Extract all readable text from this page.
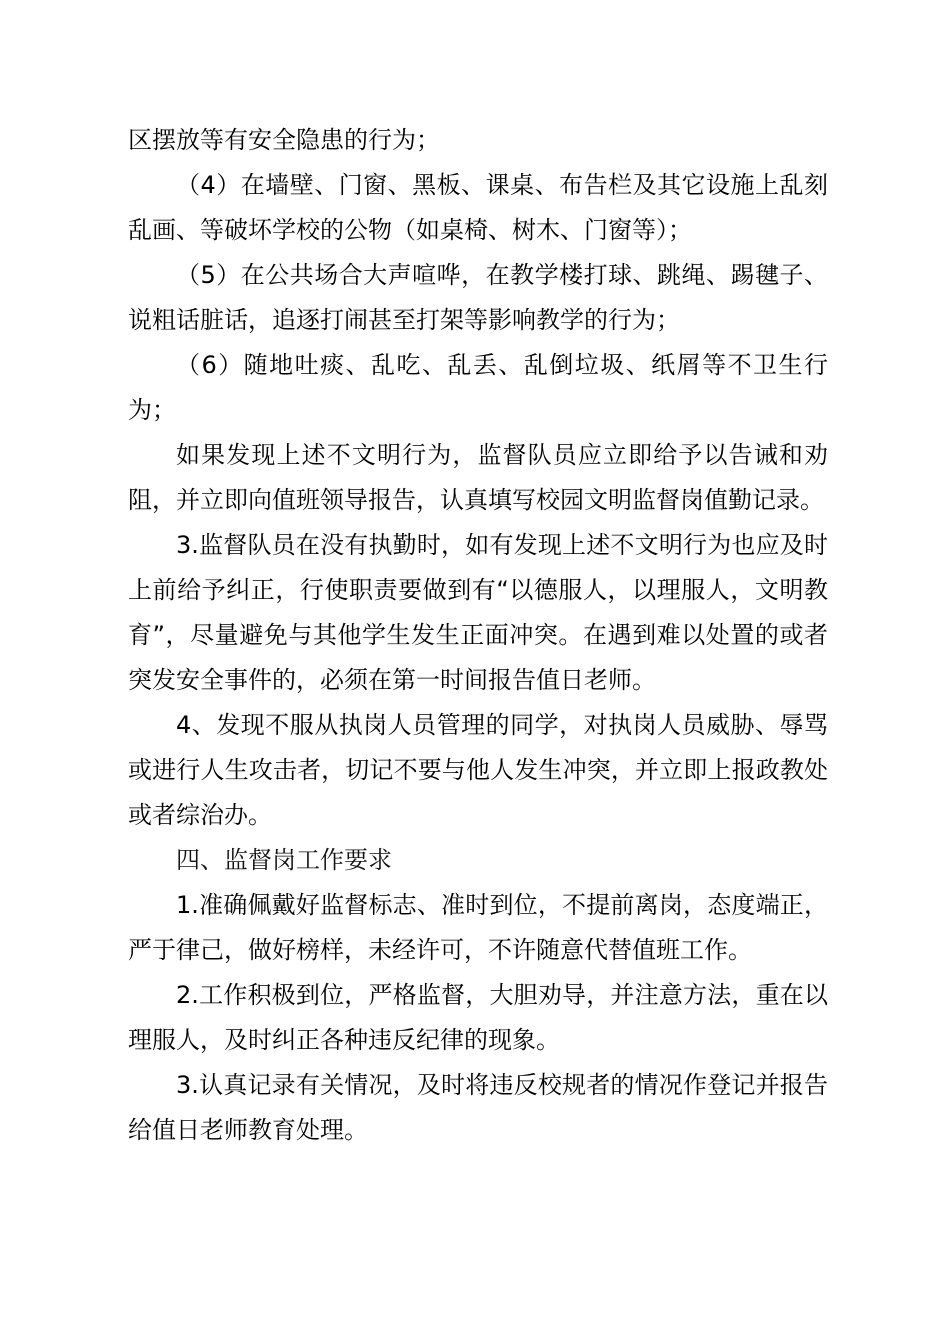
区摆放等有安全隐患的行为；

（4）在墙壁、门窗、黑板、课桌、布告栏及其它设施上乱刻乱画、等破坏学校的公物（如桌椅、树木、门窗等）；

（5）在公共场合大声喧哗，在教学楼打球、跳绳、踢毽子、说粗话脏话，追逐打闹甚至打架等影响教学的行为；

（6）随地吐痰、乱吃、乱丢、乱倒垃圾、纸屑等不卫生行为；

如果发现上述不文明行为，监督队员应立即给予以告诫和劝阻，并立即向值班领导报告，认真填写校园文明监督岗值勤记录。

3.监督队员在没有执勤时，如有发现上述不文明行为也应及时上前给予纠正，行使职责要做到有“以德服人，以理服人，文明教育”，尽量避免与其他学生发生正面冲突。在遇到难以处置的或者突发安全事件的，必须在第一时间报告值日老师。

4、发现不服从执岗人员管理的同学，对执岗人员威胁、辱骂或进行人生攻击者，切记不要与他人发生冲突，并立即上报政教处或者综治办。

四、监督岗工作要求

1.准确佩戴好监督标志、准时到位，不提前离岗，态度端正，严于律己，做好榜样，未经许可，不许随意代替值班工作。

2.工作积极到位，严格监督，大胆劝导，并注意方法，重在以理服人，及时纠正各种违反纪律的现象。

3.认真记录有关情况，及时将违反校规者的情况作登记并报告给值日老师教育处理。
